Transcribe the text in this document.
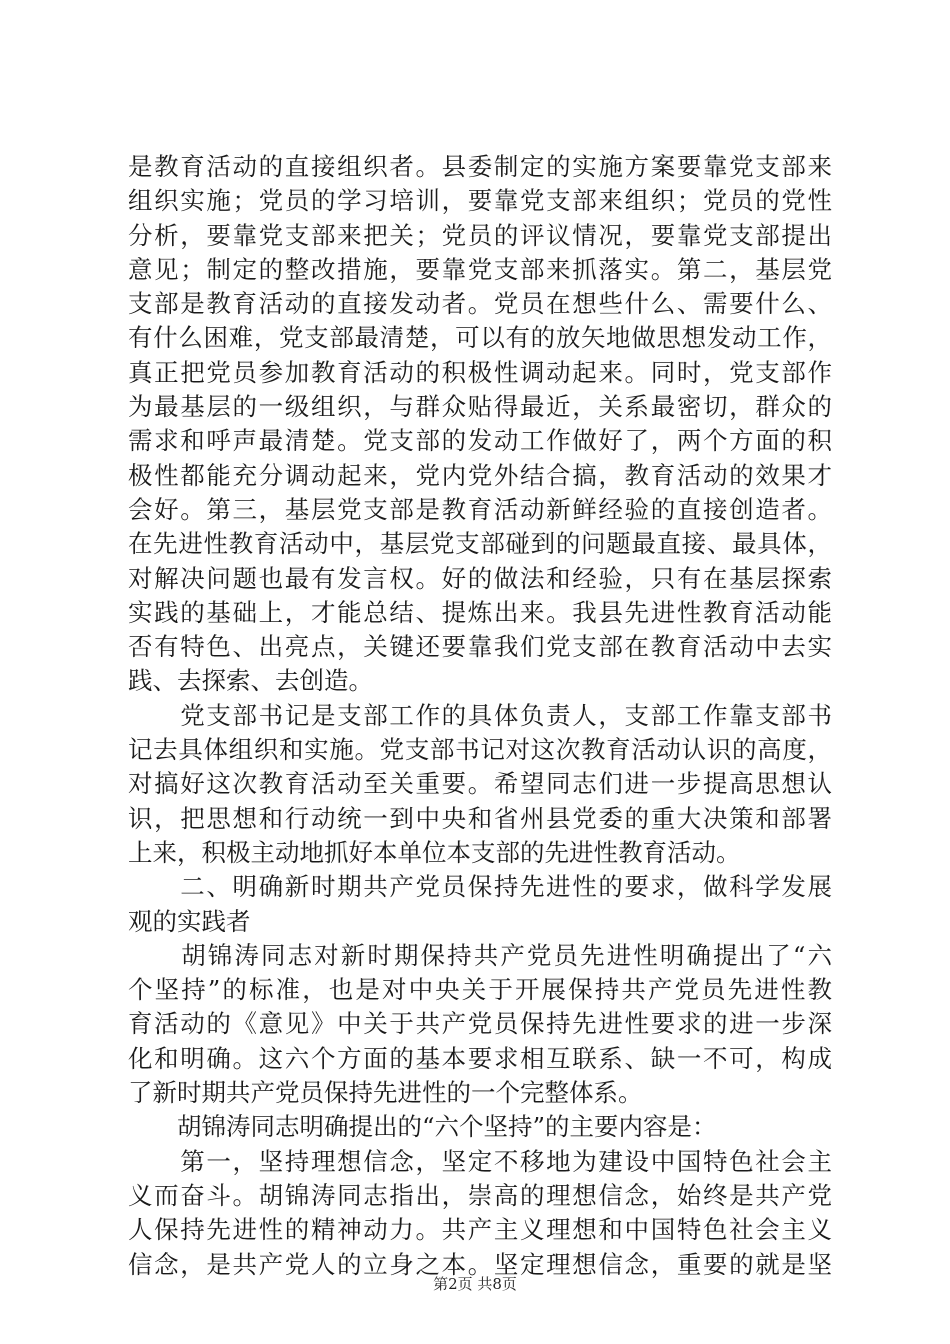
是教育活动的直接组织者。县委制定的实施方案要靠党支部来
组织实施；党员的学习培训，要靠党支部来组织；党员的党性
分析，要靠党支部来把关；党员的评议情况，要靠党支部提出
意见；制定的整改措施，要靠党支部来抓落实。第二，基层党
支部是教育活动的直接发动者。党员在想些什么、需要什么、
有什么困难，党支部最清楚，可以有的放矢地做思想发动工作，
真正把党员参加教育活动的积极性调动起来。同时，党支部作
为最基层的一级组织，与群众贴得最近，关系最密切，群众的
需求和呼声最清楚。党支部的发动工作做好了，两个方面的积
极性都能充分调动起来，党内党外结合搞，教育活动的效果才
会好。第三，基层党支部是教育活动新鲜经验的直接创造者。
在先进性教育活动中，基层党支部碰到的问题最直接、最具体，
对解决问题也最有发言权。好的做法和经验，只有在基层探索
实践的基础上，才能总结、提炼出来。我县先进性教育活动能
否有特色、出亮点，关键还要靠我们党支部在教育活动中去实
践、去探索、去创造。
　　党支部书记是支部工作的具体负责人，支部工作靠支部书
记去具体组织和实施。党支部书记对这次教育活动认识的高度，
对搞好这次教育活动至关重要。希望同志们进一步提高思想认
识，把思想和行动统一到中央和省州县党委的重大决策和部署
上来，积极主动地抓好本单位本支部的先进性教育活动。
　　二、明确新时期共产党员保持先进性的要求，做科学发展
观的实践者
　　胡锦涛同志对新时期保持共产党员先进性明确提出了“六
个坚持”的标准，也是对中央关于开展保持共产党员先进性教
育活动的《意见》中关于共产党员保持先进性要求的进一步深
化和明确。这六个方面的基本要求相互联系、缺一不可，构成
了新时期共产党员保持先进性的一个完整体系。
　　胡锦涛同志明确提出的“六个坚持”的主要内容是：
　　第一，坚持理想信念，坚定不移地为建设中国特色社会主
义而奋斗。胡锦涛同志指出，崇高的理想信念，始终是共产党
人保持先进性的精神动力。共产主义理想和中国特色社会主义
信念，是共产党人的立身之本。坚定理想信念，重要的就是坚
第2页 共8页
